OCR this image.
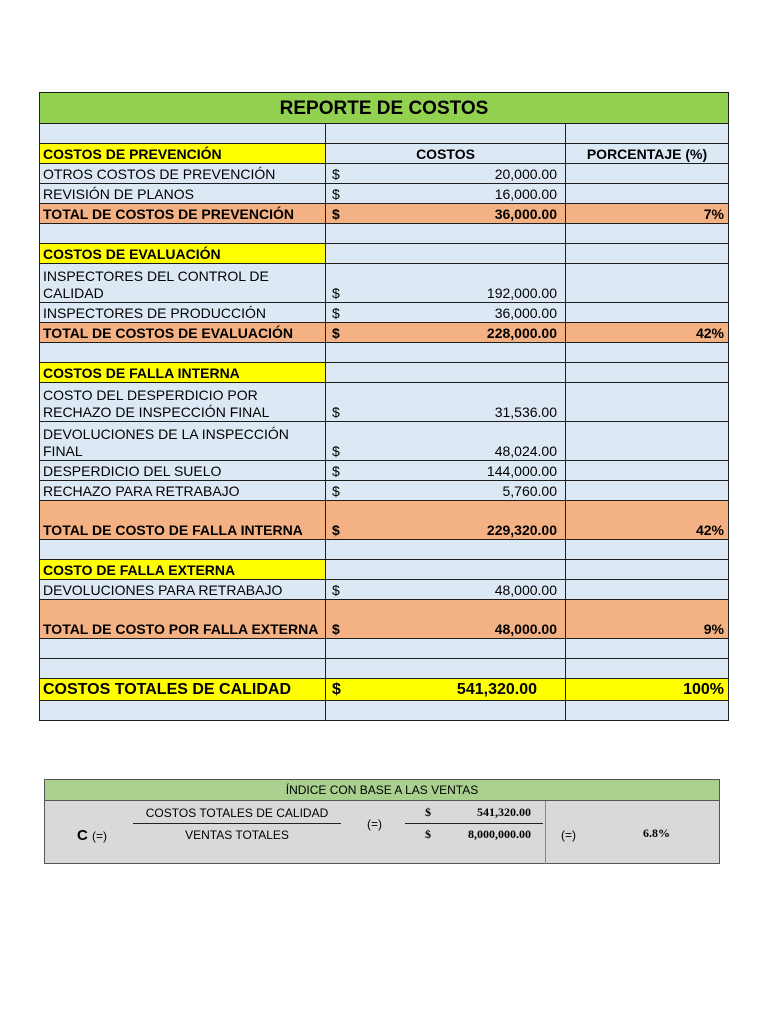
REPORTE DE COSTOS		

COSTOS DE PREVENCIÓN	COSTOS	PORCENTAJE (%)
OTROS COSTOS DE PREVENCIÓN	$ 20,000.00	

REVISIÓN DE PLANOS	$ 16,000.00	

TOTAL DE COSTOS DE PREVENCIÓN	$ 36,000.00	7%

COSTOS DE EVALUACIÓN		
INSPECTORES DEL CONTROL DE CALIDAD	$ 192,000.00	

INSPECTORES DE PRODUCCIÓN	$ 36,000.00	

TOTAL DE COSTOS DE EVALUACIÓN	$ 228,000.00	42%

COSTOS DE FALLA INTERNA		
COSTO DEL DESPERDICIO POR RECHAZO DE INSPECCIÓN FINAL	$ 31,536.00	

DEVOLUCIONES DE LA INSPECCIÓN FINAL	$ 48,024.00	

DESPERDICIO DEL SUELO	$ 144,000.00	

RECHAZO PARA RETRABAJO	$ 5,760.00	

TOTAL DE COSTO DE FALLA INTERNA	$ 229,320.00	42%

COSTO DE FALLA EXTERNA		
DEVOLUCIONES PARA RETRABAJO	$ 48,000.00	

TOTAL DE COSTO POR FALLA EXTERNA	$ 48,000.00	9%

COSTOS TOTALES DE CALIDAD	$ 541,320.00	100%

ÍNDICE CON BASE A LAS VENTAS
C (=)
COSTOS TOTALES DE CALIDAD
VENTAS TOTALES
(=)
$	541,320.00
$	8,000,000.00	(=)	6.8%
